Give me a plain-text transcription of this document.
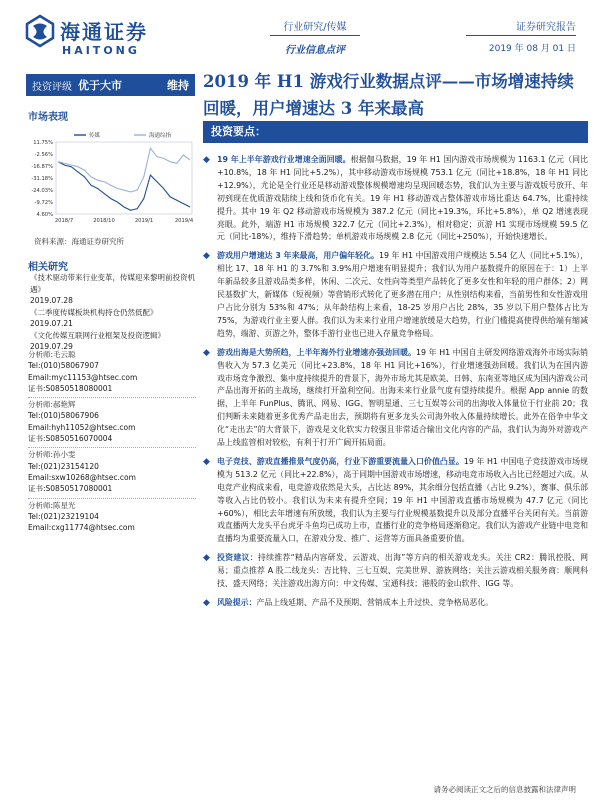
海通证券
HAITONG
行业研究/传媒
行业信息点评
证券研究报告
2019 年 08 月 01 日
投资评级 优于大市	维持 2019 年 H1 游戏行业数据点评——市场增速持续回暖，用户增速达 3 年来最高
市场表现
11.75%
-2.56%
-16.87%
-31.18%
-24.03%
-9.72%
4.60%
2018/7	2018/10	2019/1	2019/4
传媒	海通综指
资料来源：海通证券研究所
相关研究
《技术驱动带来行业变革，传媒迎来黎明前投资机遇》
2019.07.28
《二季度传媒板块机构持仓仍然低配》
2019.07.21
《文化传媒互联网行业框架及投资逻辑》
2019.07.29
分析师:毛云聪
Tel:(010)58067907
Email:myc11153@htsec.com
证书:S0850518080001
分析师:郝艳辉
Tel:(010)58067906
Email:hyh11052@htsec.com
证书:S0850516070004
分析师:孙小雯
Tel:(021)23154120
Email:sxw10268@htsec.com
证书:S0850517080001
分析师:陈星光
Tel:(021)23219104
Email:cxg11774@htsec.com
投资要点：
◆ 19 年上半年游戏行业增速全面回暖。根据伽马数据，19 年 H1 国内游戏市场规模为 1163.1 亿元（同比+10.8%，18 年 H1 同比+5.2%），其中移动游戏市场规模 753.1 亿元（同比+18.8%，18 年 H1 同比+12.9%），尤论是全行业还是移动游戏整体规模增速均呈现回暖态势，我们认为主要与游戏版号放开、年初到现在优质游戏陆续上线和货币化有关。19 年 H1 移动游戏占整体游戏市场比重达 64.7%，比重持续提升。其中 19 年 Q2 移动游戏市场规模为 387.2 亿元（同比+19.3%，环比+5.8%），单 Q2 增速表现亮眼。此外，端游 H1 市场规模 322.7 亿元（同比+2.3%），相对稳定；页游 H1 实现市场规模 59.5 亿元（同比-18%），维持下滑趋势；单机游戏市场规模 2.8 亿元（同比+250%），开始快速增长。
◆ 游戏用户增速达 3 年来最高，用户偏年轻化。19 年 H1 中国游戏用户规模达 5.54 亿人（同比+5.1%），相比 17、18 年 H1 的 3.7%和 3.9%用户增速有明显提升；我们认为用户基数提升的原因在于：1）上半年新品较多且游戏品类多样，休闲、二次元、女性向等类型产品转化了更多女性和年轻的用户群体；2）网民基数扩大，新媒体（短视频）等营销形式转化了更多潜在用户；从性别结构来看，当前男性和女性游戏用户占比分别为 53%和 47%；从年龄结构上来看，18-25 岁用户占比 28%，35 岁以下用户整体占比为 75%，为游戏行业主要人群。我们认为未来行业用户增速放缓是大趋势，行业门槛提高使得供给端有缩减趋势，端游、页游之外，整体手游行业也已进入存量竞争格局。
◆ 游戏出海是大势所趋，上半年海外行业增速亦强劲回暖。19 年 H1 中国自主研发网络游戏海外市场实际销售收入为 57.3 亿美元（同比+23.8%，18 年 H1 同比+16%），行业增速强劲回暖。我们认为在国内游戏市场竞争激烈、集中度持续提升的背景下，海外市场尤其是欧美、日韩、东南亚等地区成为国内游戏公司产品出海开拓的主战场，继续打开盈利空间。出海未来行业景气度有望持续提升。根据 App annie 的数据，上半年 FunPlus、腾讯、网易、IGG、智明星通、三七互娱等公司的出海收入体量位于行业前 20；我们判断未来随着更多优秀产品走出去，预期将有更多龙头公司海外收入体量持续增长。此外在俗争中华文化“走出去”的大背景下，游戏是文化软实力较强且非常适合输出文化内容的产品，我们认为海外对游戏产品上线监管相对较松，有利于打开广阔开拓局面。
◆ 电子竞技、游戏直播推景气度仍高，行业下游重要流量入口价值凸显。19 年 H1 中国电子竞技游戏市场规模为 513.2 亿元（同比+22.8%），高于同期中国游戏市场增速，移动电竞市场收入占比已经超过六成。从电竞产业构成来看，电竞游戏依然是大头，占比达 89%，其余细分包括直播（占比 9.2%），赛事、俱乐部等收入占比仍较小。我们认为未来有提升空间；19 年 H1 中国游戏直播市场规模为 47.7 亿元（同比+60%），相比去年增速有所放缓，我们认为主要与行业规模基数提升以及部分直播平台关闭有关。当前游戏直播两大龙头平台虎牙斗鱼均已成功上市，直播行业的竞争格局逐渐稳定。我们认为游戏产业链中电竞和直播均为重要流量入口，在游戏分发、推广、运营等方面具备重要价值。
◆ 投资建议：持续推荐“精品内容研发、云游戏、出海”等方向的相关游戏龙头。关注 CR2：腾讯控股、网易；重点推荐 A 股二线龙头：吉比特、三七互娱、完美世界、游族网络；关注云游戏相关服务商：顺网科技、盛天网络；关注游戏出海方向：中文传媒、宝通科技；港股的金山软件、IGG 等。
◆ 风险提示：产品上线延期、产品不及预期、营销成本上升过快、竞争格局恶化。
请务必阅读正文之后的信息披露和法律声明
